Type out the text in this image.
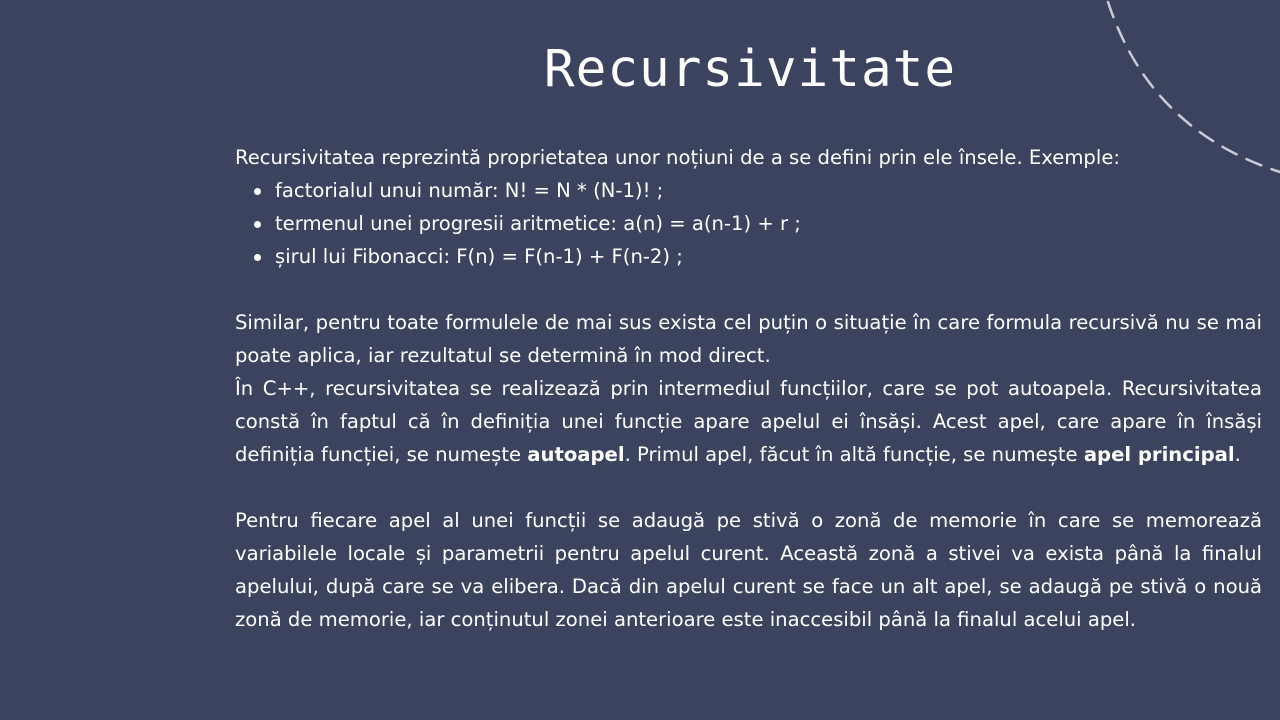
Recursivitate

Recursivitatea reprezintă proprietatea unor noțiuni de a se defini prin ele însele. Exemple:

factorialul unui număr: N! = N * (N-1)! ;
termenul unei progresii aritmetice: a(n) = a(n-1) + r ;
șirul lui Fibonacci: F(n) = F(n-1) + F(n-2) ;

Similar, pentru toate formulele de mai sus exista cel puțin o situație în care formula recursivă nu se mai poate aplica, iar rezultatul se determină în mod direct.

În C++, recursivitatea se realizează prin intermediul funcțiilor, care se pot autoapela. Recursivitatea constă în faptul că în definiția unei funcție apare apelul ei însăși. Acest apel, care apare în însăși definiția funcției, se numește autoapel. Primul apel, făcut în altă funcție, se numește apel principal.

Pentru fiecare apel al unei funcții se adaugă pe stivă o zonă de memorie în care se memorează variabilele locale și parametrii pentru apelul curent. Această zonă a stivei va exista până la finalul apelului, după care se va elibera. Dacă din apelul curent se face un alt apel, se adaugă pe stivă o nouă zonă de memorie, iar conținutul zonei anterioare este inaccesibil până la finalul acelui apel.
